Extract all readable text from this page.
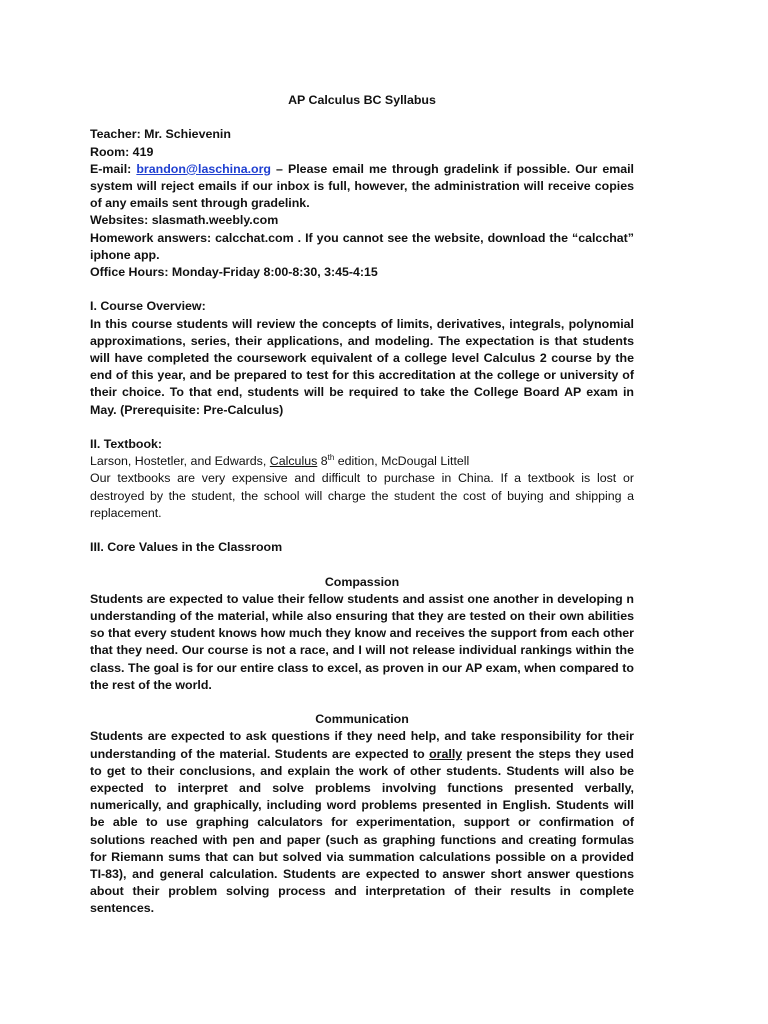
AP Calculus BC Syllabus

Teacher: Mr. Schievenin

Room: 419

E-mail: brandon@laschina.org – Please email me through gradelink if possible. Our email system will reject emails if our inbox is full, however, the administration will receive copies of any emails sent through gradelink.

Websites: slasmath.weebly.com

Homework answers: calcchat.com . If you cannot see the website, download the “calcchat” iphone app.

Office Hours: Monday-Friday 8:00-8:30, 3:45-4:15

I. Course Overview:

In this course students will review the concepts of limits, derivatives, integrals, polynomial approximations, series, their applications, and modeling. The expectation is that students will have completed the coursework equivalent of a college level Calculus 2 course by the end of this year, and be prepared to test for this accreditation at the college or university of their choice. To that end, students will be required to take the College Board AP exam in May. (Prerequisite: Pre-Calculus)

II. Textbook:

Larson, Hostetler, and Edwards, Calculus 8th edition, McDougal Littell

Our textbooks are very expensive and difficult to purchase in China. If a textbook is lost or destroyed by the student, the school will charge the student the cost of buying and shipping a replacement.

III. Core Values in the Classroom

Compassion

Students are expected to value their fellow students and assist one another in developing n understanding of the material, while also ensuring that they are tested on their own abilities so that every student knows how much they know and receives the support from each other that they need. Our course is not a race, and I will not release individual rankings within the class. The goal is for our entire class to excel, as proven in our AP exam, when compared to the rest of the world.

Communication

Students are expected to ask questions if they need help, and take responsibility for their understanding of the material. Students are expected to orally present the steps they used to get to their conclusions, and explain the work of other students. Students will also be expected to interpret and solve problems involving functions presented verbally, numerically, and graphically, including word problems presented in English. Students will be able to use graphing calculators for experimentation, support or confirmation of solutions reached with pen and paper (such as graphing functions and creating formulas for Riemann sums that can but solved via summation calculations possible on a provided TI-83), and general calculation. Students are expected to answer short answer questions about their problem solving process and interpretation of their results in complete sentences.
